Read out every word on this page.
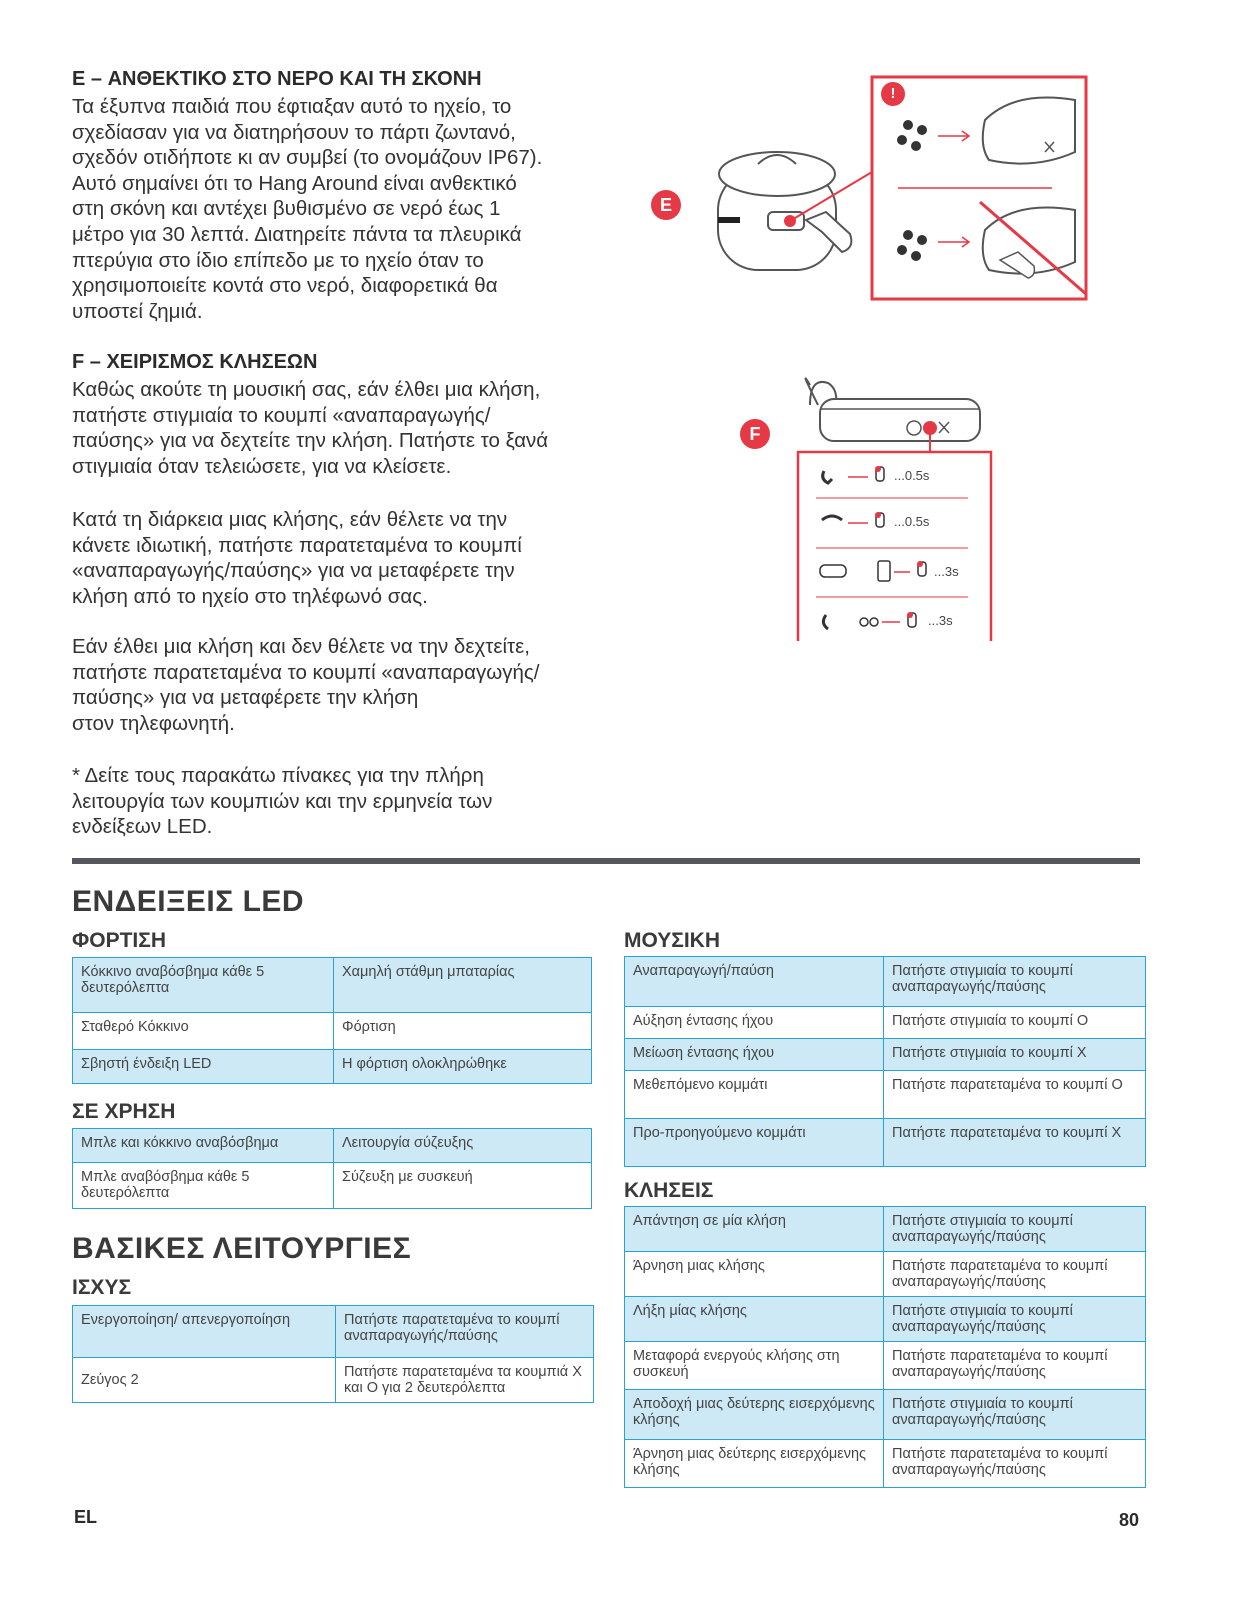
E – ΑΝΘΕΚΤΙΚΟ ΣΤΟ ΝΕΡΟ ΚΑΙ ΤΗ ΣΚΟΝΗ
Τα έξυπνα παιδιά που έφτιαξαν αυτό το ηχείο, το
σχεδίασαν για να διατηρήσουν το πάρτι ζωντανό,
σχεδόν οτιδήποτε κι αν συμβεί (το ονομάζουν IP67).
Αυτό σημαίνει ότι το Hang Around είναι ανθεκτικό
στη σκόνη και αντέχει βυθισμένο σε νερό έως 1
μέτρο για 30 λεπτά. Διατηρείτε πάντα τα πλευρικά
πτερύγια στο ίδιο επίπεδο με το ηχείο όταν το
χρησιμοποιείτε κοντά στο νερό, διαφορετικά θα
υποστεί ζημιά.
F – ΧΕΙΡΙΣΜΟΣ ΚΛΗΣΕΩΝ
Καθώς ακούτε τη μουσική σας, εάν έλθει μια κλήση,
πατήστε στιγμιαία το κουμπί «αναπαραγωγής/
παύσης» για να δεχτείτε την κλήση. Πατήστε το ξανά
στιγμιαία όταν τελειώσετε, για να κλείσετε.
Κατά τη διάρκεια μιας κλήσης, εάν θέλετε να την
κάνετε ιδιωτική, πατήστε παρατεταμένα το κουμπί
«αναπαραγωγής/παύσης» για να μεταφέρετε την
κλήση από το ηχείο στο τηλέφωνό σας.
Εάν έλθει μια κλήση και δεν θέλετε να την δεχτείτε,
πατήστε παρατεταμένα το κουμπί «αναπαραγωγής/
παύσης» για να μεταφέρετε την κλήση
στον τηλεφωνητή.
* Δείτε τους παρακάτω πίνακες για την πλήρη
λειτουργία των κουμπιών και την ερμηνεία των
ενδείξεων LED.
E
!
F
...0.5s
...0.5s
...3s
...3s
ΕΝΔΕΙΞΕΙΣ LED
ΦΟΡΤΙΣΗ
Κόκκινο αναβόσβημα κάθε 5 δευτερόλεπτα	Χαμηλή στάθμη μπαταρίας
Σταθερό Κόκκινο	Φόρτιση
Σβηστή ένδειξη LED	Η φόρτιση ολοκληρώθηκε
ΣΕ ΧΡΗΣΗ
Μπλε και κόκκινο αναβόσβημα	Λειτουργία σύζευξης
Μπλε αναβόσβημα κάθε 5 δευτερόλεπτα	Σύζευξη με συσκευή
ΒΑΣΙΚΕΣ ΛΕΙΤΟΥΡΓΙΕΣ
ΙΣΧΥΣ
Ενεργοποίηση/ απενεργοποίηση	Πατήστε παρατεταμένα το κουμπί αναπαραγωγής/παύσης
Ζεύγος 2	Πατήστε παρατεταμένα τα κουμπιά X και O για 2 δευτερόλεπτα
ΜΟΥΣΙΚΗ
Αναπαραγωγή/παύση	Πατήστε στιγμιαία το κουμπί αναπαραγωγής/παύσης
Αύξηση έντασης ήχου	Πατήστε στιγμιαία το κουμπί O
Μείωση έντασης ήχου	Πατήστε στιγμιαία το κουμπί X
Μεθεπόμενο κομμάτι	Πατήστε παρατεταμένα το κουμπί O
Προ-προηγούμενο κομμάτι	Πατήστε παρατεταμένα το κουμπί X
ΚΛΗΣΕΙΣ
Απάντηση σε μία κλήση	Πατήστε στιγμιαία το κουμπί αναπαραγωγής/παύσης
Άρνηση μιας κλήσης	Πατήστε παρατεταμένα το κουμπί αναπαραγωγής/παύσης
Λήξη μίας κλήσης	Πατήστε στιγμιαία το κουμπί αναπαραγωγής/παύσης
Μεταφορά ενεργούς κλήσης στη συσκευή	Πατήστε παρατεταμένα το κουμπί αναπαραγωγής/παύσης
Αποδοχή μιας δεύτερης εισερχόμενης κλήσης	Πατήστε στιγμιαία το κουμπί αναπαραγωγής/παύσης
Άρνηση μιας δεύτερης εισερχόμενης κλήσης	Πατήστε παρατεταμένα το κουμπί αναπαραγωγής/παύσης
EL	80
